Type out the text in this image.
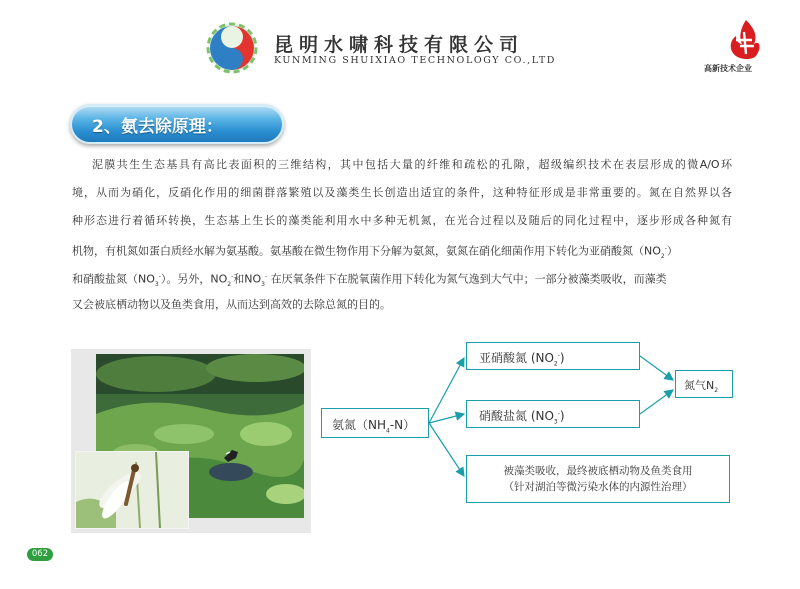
昆明水啸科技有限公司
KUNMING SHUIXIAO TECHNOLOGY CO.,LTD
高新技术企业
2、氨去除原理：
泥膜共生生态基具有高比表面积的三维结构，其中包括大量的纤维和疏松的孔隙，超级编织技术在表层形成的微A/O环
境，从而为硝化，反硝化作用的细菌群落繁殖以及藻类生长创造出适宜的条件，这种特征形成是非常重要的。氮在自然界以各
种形态进行着循环转换，生态基上生长的藻类能利用水中多种无机氮，在光合过程以及随后的同化过程中，逐步形成各种氮有
机物，有机氮如蛋白质经水解为氨基酸。氨基酸在微生物作用下分解为氨氮，氨氮在硝化细菌作用下转化为亚硝酸氮$(NO_2^-)$
和硝酸盐氮$(NO_3^-)$。另外，$NO_2^-$和$NO_3^-$ 在厌氧条件下在脱氧菌作用下转化为氮气逸到大气中；一部分被藻类吸收，而藻类
又会被底栖动物以及鱼类食用，从而达到高效的去除总氮的目的。
氨氮$(NH_4-N)$
亚硝酸氮 $(NO_2^-)$
硝酸盐氮 $(NO_3^-)$
氮气$N_2$
被藻类吸收，最终被底栖动物及鱼类食用
（针对湖泊等微污染水体的内源性治理）
062
